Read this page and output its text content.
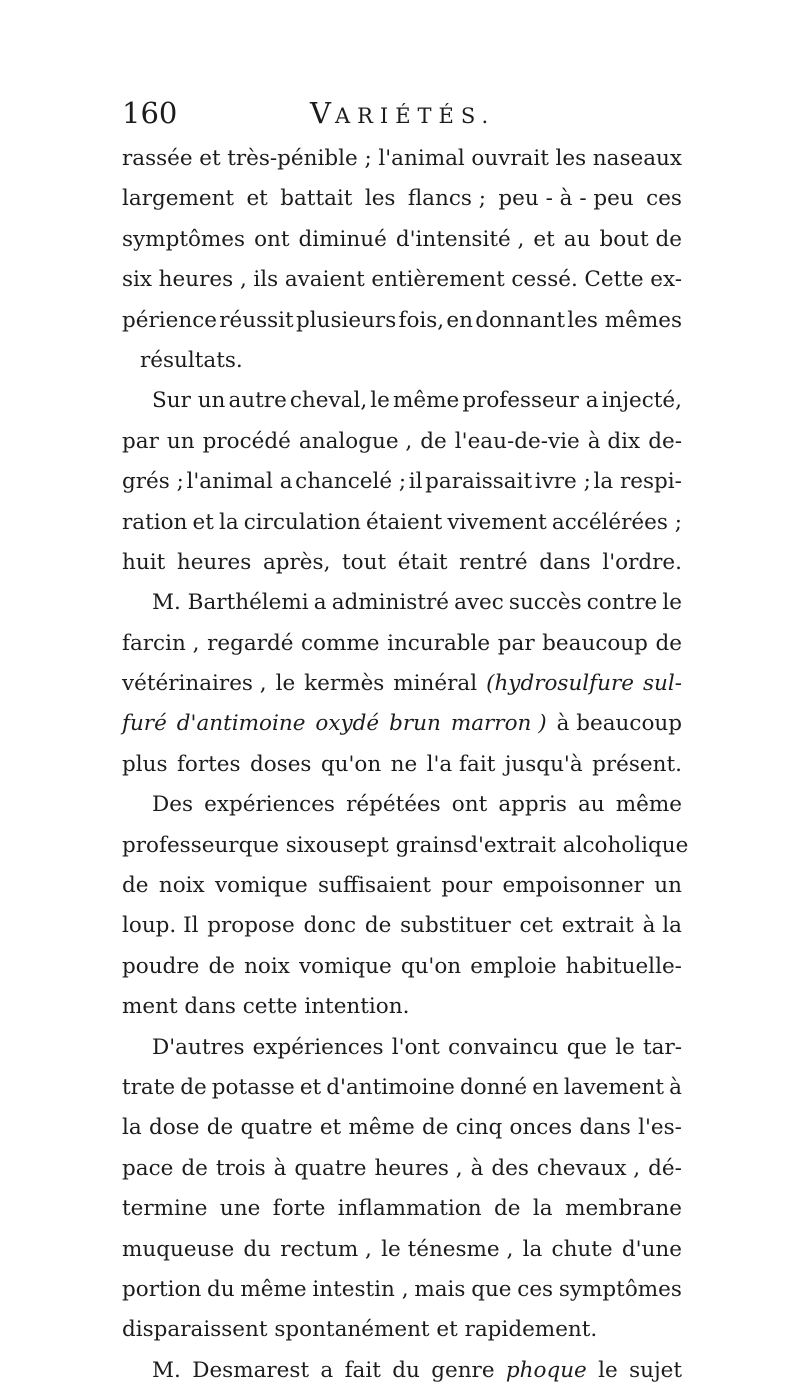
160	VARIÉTÉS.
rassée et très-pénible ; l'animal ouvrait les naseaux
largement et battait les flancs ; peu - à - peu ces
symptômes ont diminué d'intensité , et au bout de
six heures , ils avaient entièrement cessé. Cette ex-
périence réussit plusieurs fois, en donnant les mêmes
résultats.
Sur un autre cheval, le même professeur a injecté,
par un procédé analogue , de l'eau-de-vie à dix de-
grés ; l'animal a chancelé ; il paraissait ivre ; la respi-
ration et la circulation étaient vivement accélérées ;
huit heures après, tout était rentré dans l'ordre.
M. Barthélemi a administré avec succès contre le
farcin , regardé comme incurable par beaucoup de
vétérinaires , le kermès minéral (hydrosulfure sul-
furé d'antimoine oxydé brun marron ) à beaucoup
plus fortes doses qu'on ne l'a fait jusqu'à présent.
Des expériences répétées ont appris au même
professeur que six ou sept grains d'extrait alcoholique
de noix vomique suffisaient pour empoisonner un
loup. Il propose donc de substituer cet extrait à la
poudre de noix vomique qu'on emploie habituelle-
ment dans cette intention.
D'autres expériences l'ont convaincu que le tar-
trate de potasse et d'antimoine donné en lavement à
la dose de quatre et même de cinq onces dans l'es-
pace de trois à quatre heures , à des chevaux , dé-
termine une forte inflammation de la membrane
muqueuse du rectum , le ténesme , la chute d'une
portion du même intestin , mais que ces symptômes
disparaissent spontanément et rapidement.
M. Desmarest a fait du genre phoque le sujet
